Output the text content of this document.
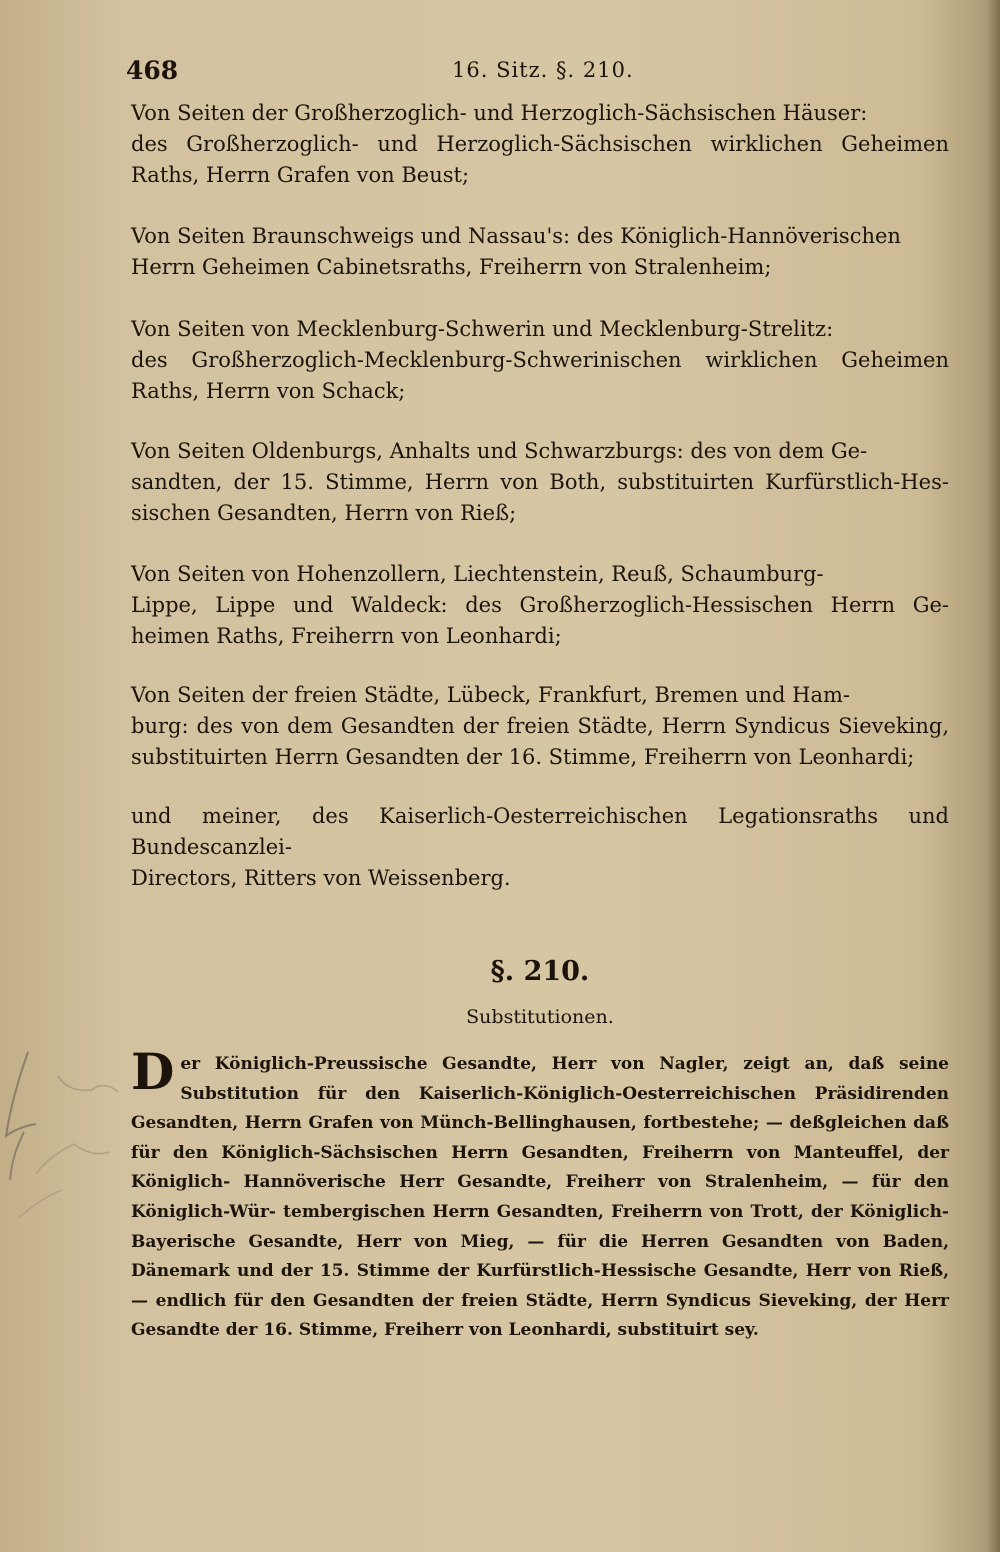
468	16. Sitz. §. 210.

Von Seiten der Großherzoglich- und Herzoglich-Sächsischen Häuser:
des Großherzoglich- und Herzoglich-Sächsischen wirklichen Geheimen Raths, Herrn Grafen von Beust;

Von Seiten Braunschweigs und Nassau's: des Königlich-Hannöverischen
Herrn Geheimen Cabinetsraths, Freiherrn von Stralenheim;

Von Seiten von Mecklenburg-Schwerin und Mecklenburg-Strelitz:
des Großherzoglich-Mecklenburg-Schwerinischen wirklichen Geheimen Raths, Herrn von Schack;

Von Seiten Oldenburgs, Anhalts und Schwarzburgs: des von dem Ge-
sandten, der 15. Stimme, Herrn von Both, substituirten Kurfürstlich-Hes- sischen Gesandten, Herrn von Rieß;

Von Seiten von Hohenzollern, Liechtenstein, Reuß, Schaumburg-
Lippe, Lippe und Waldeck: des Großherzoglich-Hessischen Herrn Ge- heimen Raths, Freiherrn von Leonhardi;

Von Seiten der freien Städte, Lübeck, Frankfurt, Bremen und Ham-
burg: des von dem Gesandten der freien Städte, Herrn Syndicus Sieveking, substituirten Herrn Gesandten der 16. Stimme, Freiherrn von Leonhardi;

und meiner, des Kaiserlich-Oesterreichischen Legationsraths und Bundescanzlei-
Directors, Ritters von Weissenberg.

§. 210.
Substitutionen.

D er Königlich-Preussische Gesandte, Herr von Nagler, zeigt an, daß seine Substitution für den Kaiserlich-Königlich-Oesterreichischen Präsidirenden Gesandten, Herrn Grafen von Münch-Bellinghausen, fortbestehe; — deßgleichen daß für den Königlich-Sächsischen Herrn Gesandten, Freiherrn von Manteuffel, der Königlich- Hannöverische Herr Gesandte, Freiherr von Stralenheim, — für den Königlich-Wür- tembergischen Herrn Gesandten, Freiherrn von Trott, der Königlich-Bayerische Gesandte, Herr von Mieg, — für die Herren Gesandten von Baden, Dänemark und der 15. Stimme der Kurfürstlich-Hessische Gesandte, Herr von Rieß, — endlich für den Gesandten der freien Städte, Herrn Syndicus Sieveking, der Herr Gesandte der 16. Stimme, Freiherr von Leonhardi, substituirt sey.
